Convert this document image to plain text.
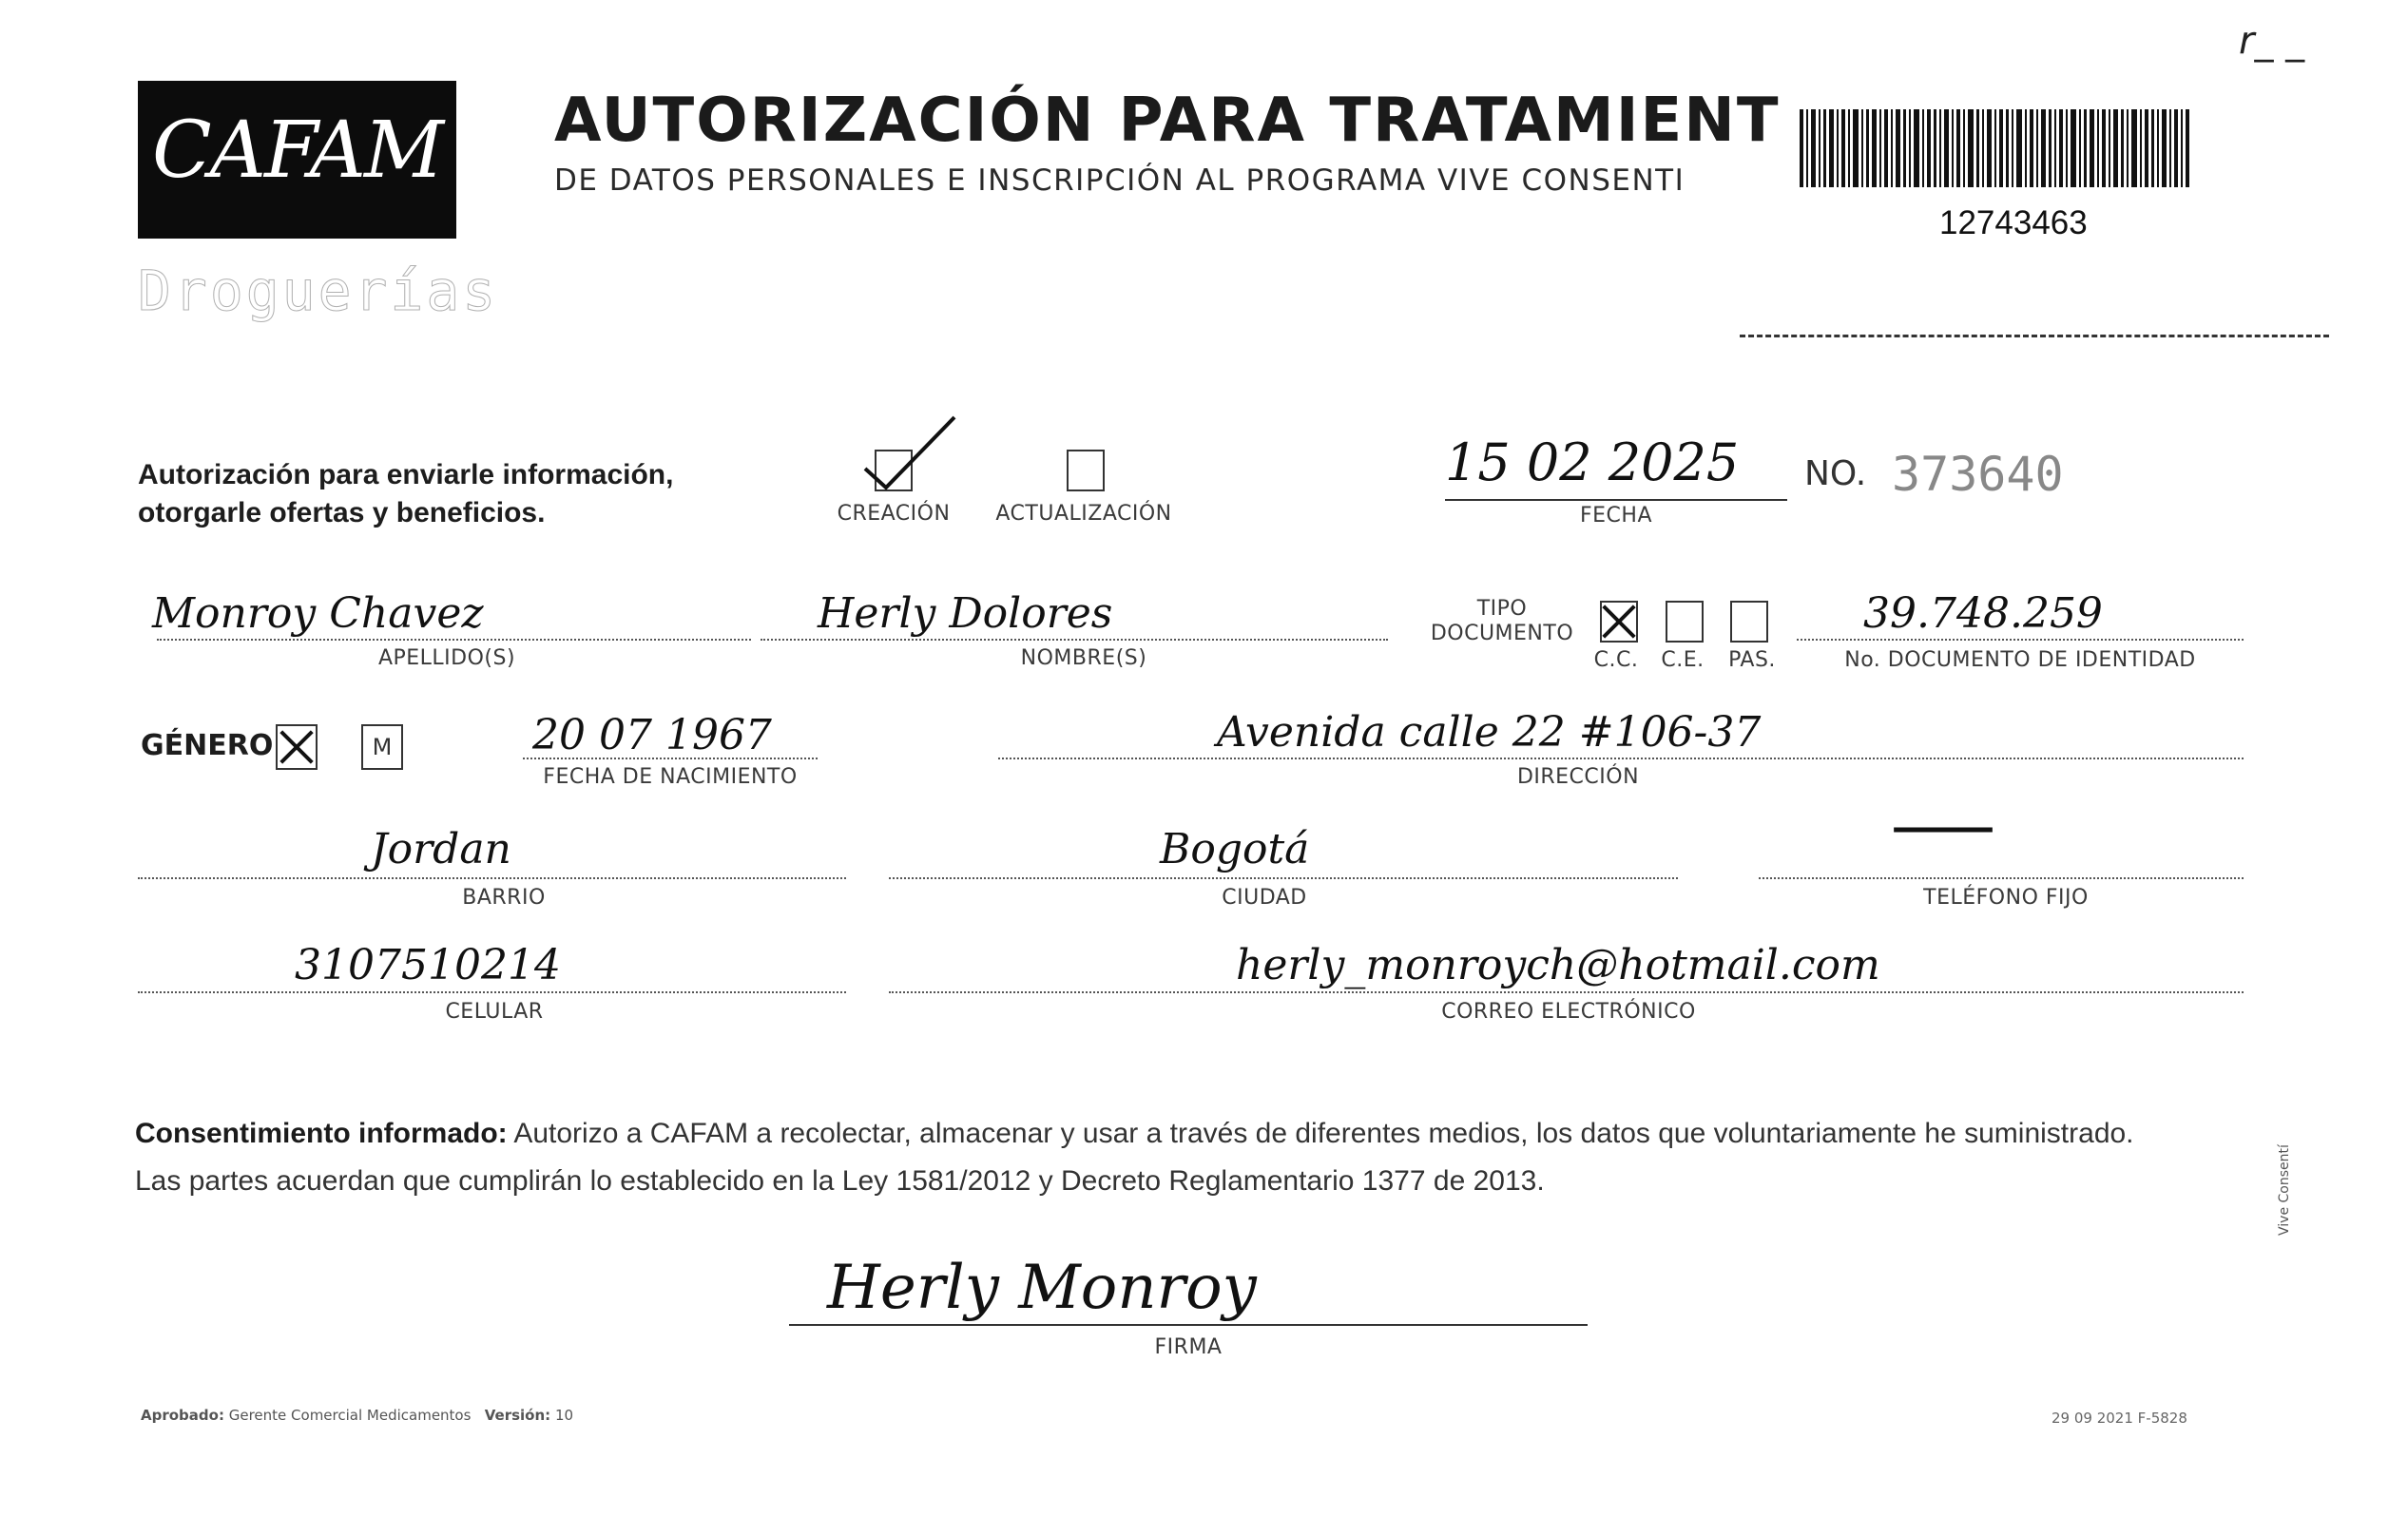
r_ _
CAFAM
Droguerías
AUTORIZACIÓN PARA TRATAMIENT
DE DATOS PERSONALES E INSCRIPCIÓN AL PROGRAMA VIVE CONSENTI
12743463
Autorización para enviarle información,
otorgarle ofertas y beneficios.	CREACIÓN	ACTUALIZACIÓN
15 02 2025
FECHA
NO. 373640
Monroy Chavez
APELLIDO(S)
Herly Dolores
NOMBRE(S)
TIPO
DOCUMENTO
C.C.	C.E.	PAS.
39.748.259
No. DOCUMENTO DE IDENTIDAD
GÉNERO	M	20 07 1967
FECHA DE NACIMIENTO
Avenida calle 22 #106-37
DIRECCIÓN
Jordan
BARRIO
Bogotá
CIUDAD
———
TELÉFONO FIJO
3107510214
CELULAR
herly_monroych@hotmail.com
CORREO ELECTRÓNICO
Consentimiento informado: Autorizo a CAFAM a recolectar, almacenar y usar a través de diferentes medios, los datos que voluntariamente he suministrado.
Las partes acuerdan que cumplirán lo establecido en la Ley 1581/2012 y Decreto Reglamentario 1377 de 2013.
Herly Monroy
FIRMA
Aprobado: Gerente Comercial Medicamentos Versión: 10	29 09 2021 F-5828
Vive Consentí
